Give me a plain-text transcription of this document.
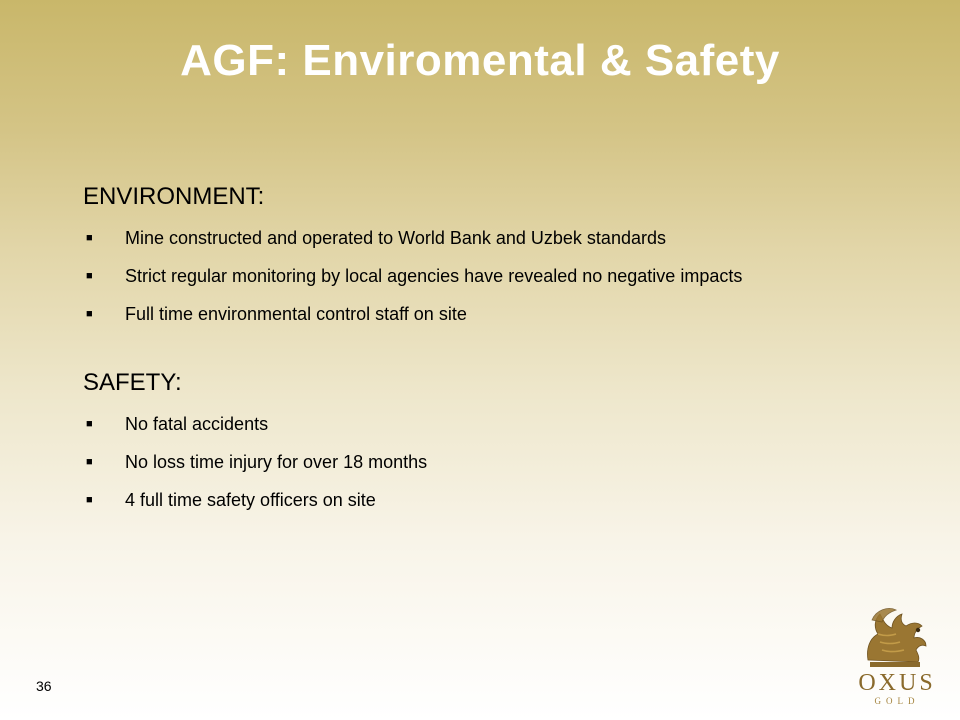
AGF: Enviromental & Safety
ENVIRONMENT:
■ Mine constructed and operated to World Bank and Uzbek standards
■ Strict regular monitoring by local agencies have revealed no negative impacts
■ Full time environmental control staff on site
SAFETY:
■ No fatal accidents
■ No loss time injury for over 18 months
■ 4 full time safety officers on site
36	OXUS
GOLD
